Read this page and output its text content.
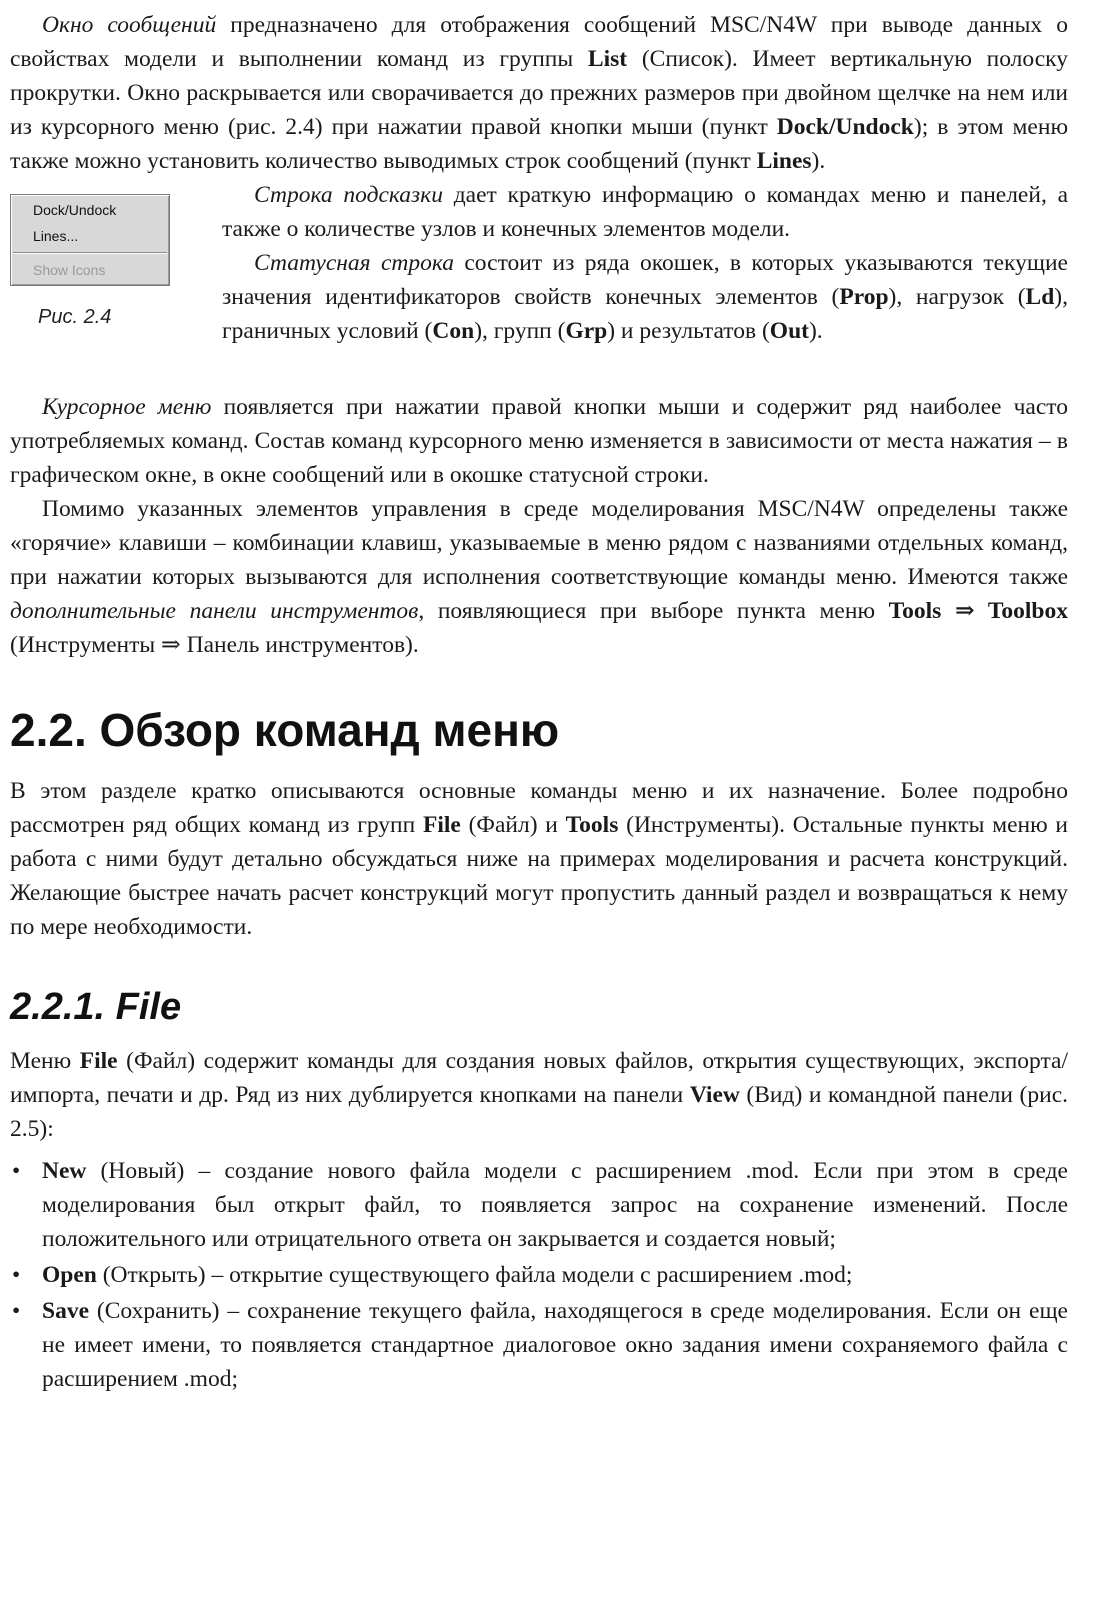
Окно сообщений предназначено для отображения сообщений MSC/N4W при выводе данных о свойствах модели и выполнении команд из группы List (Список). Имеет вертикальную полоску прокрутки. Окно раскрывается или сворачивается до прежних размеров при двойном щелчке на нем или из курсорного меню (рис. 2.4) при нажатии правой кнопки мыши (пункт Dock/Undock); в этом меню также можно установить количество выводимых строк сообщений (пункт Lines).

Dock/Undock
Lines...
Show Icons
Рис. 2.4

Строка подсказки дает краткую информацию о командах меню и панелей, а также о количестве узлов и конечных элементов модели.

Статусная строка состоит из ряда окошек, в которых указываются текущие значения идентификаторов свойств конечных элементов (Prop), нагрузок (Ld), граничных условий (Con), групп (Grp) и результатов (Out).

Курсорное меню появляется при нажатии правой кнопки мыши и содержит ряд наиболее часто употребляемых команд. Состав команд курсорного меню изменяется в зависимости от места нажатия – в графическом окне, в окне сообщений или в окошке статусной строки.

Помимо указанных элементов управления в среде моделирования MSC/N4W определены также «горячие» клавиши – комбинации клавиш, указываемые в меню рядом с названиями отдельных команд, при нажатии которых вызываются для исполнения соответствующие команды меню. Имеются также дополнительные панели инструментов, появляющиеся при выборе пункта меню Tools ⇒ Toolbox (Инструменты ⇒ Панель инструментов).

2.2. Обзор команд меню

В этом разделе кратко описываются основные команды меню и их назначение. Более подробно рассмотрен ряд общих команд из групп File (Файл) и Tools (Инструменты). Остальные пункты меню и работа с ними будут детально обсуждаться ниже на примерах моделирования и расчета конструкций. Желающие быстрее начать расчет конструкций могут пропустить данный раздел и возвращаться к нему по мере необходимости.

2.2.1. File

Меню File (Файл) содержит команды для создания новых файлов, открытия существующих, экспорта/импорта, печати и др. Ряд из них дублируется кнопками на панели View (Вид) и командной панели (рис. 2.5):

• New (Новый) – создание нового файла модели с расширением .mod. Если при этом в среде моделирования был открыт файл, то появляется запрос на сохранение изменений. После положительного или отрицательного ответа он закрывается и создается новый;
• Open (Открыть) – открытие существующего файла модели с расширением .mod;
• Save (Сохранить) – сохранение текущего файла, находящегося в среде моделирования. Если он еще не имеет имени, то появляется стандартное диалоговое окно задания имени сохраняемого файла с расширением .mod;
